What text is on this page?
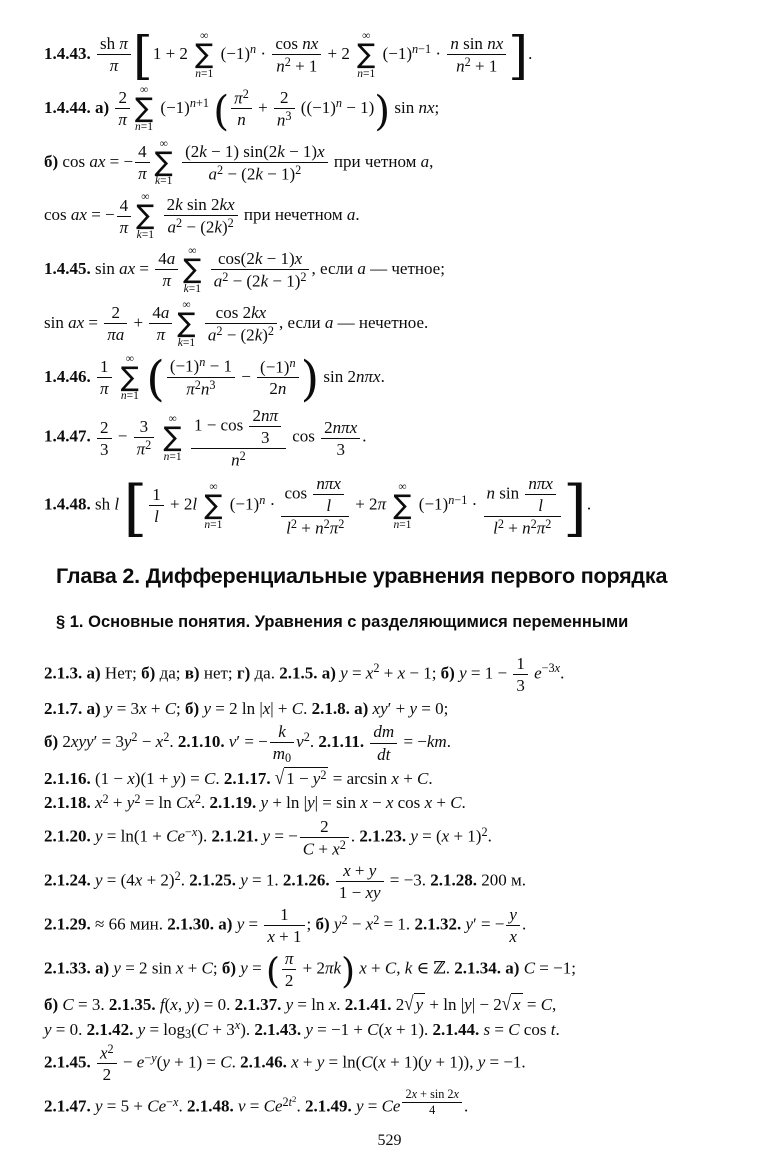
1.4.43. $\frac{\text{sh π}}{\pi} [1 + 2$
∞
∑
n=1
$(-1)n \cdot \frac{\text{cos nx}}{n2 + 1} + 2$
∞
∑
n=1
$(-1)n-1 \cdot \frac{\text{n sin nx}}{n2 + 1}$ ].
1.4.44. $а) \frac{2}{\pi}$ ∞
∑
n=1
(−1)n+1 ( $\frac{\pi 2}{n} + \frac{2}{n3} ((-1)n - 1)$) sin nx;
б) cos ax = − $\frac{4}{\pi}$ ∞
∑
k=1
$\frac{(2k - 1) \sin(2k - 1)x}{a2 - (2k - 1)2}$ при четном a,
cos ax = − $\frac{4}{\pi}$ ∞
∑
k=1
$\frac{\text{2k sin 2kx}}{a2 - (2k)2}$ при нечетном a.
1.4.45. sin ax = $\frac{4a}{\pi}$ ∞
∑
k=1
$\frac{\cos(2k - 1)x}{a2 - (2k - 1)2}$ , если a — четное;
sin ax = $\frac{2}{\pi a} + \frac{4a}{\pi}$ ∞
∑
k=1
$\frac{\cos 2kx}{a2 - (2k)2}$ , если a — нечетное.
1.4.46. $\frac{1}{\pi}$
∞
∑
n=1 ( $\frac{(-1)n - 1}{\pi 2n3} - \frac{(-1)n}{2n}$ ) sin 2nπx.
1.4.47. $\frac{2}{3} - \frac{3}{\pi 2}$
∞
∑
n=1
$\frac{1 - \cos \frac{2n\pi}{3}}{n2}$ $\cos \frac{\text{2nπx}}{3}$ .
1.4.48. sh l [ $\frac{1}{l} + 2l$
∞
∑
n=1
$(-1)n \cdot \frac{\cos \frac{\text{nπx}}{l}}{l2 + n2\pi 2} + 2\pi$
∞
∑
n=1
$(-1)n-1 \cdot \frac{n \sin \frac{\text{nπx}}{l}}{l2 + n2\pi 2}$ ].
Глава 2. Дифференциальные уравнения первого порядка
§ 1. Основные понятия. Уравнения с разделяющимися переменными
2.1.3. а) Нет; б) да; в) нет; г) да. 2.1.5. а) y = x2 + x − 1; б) $y = 1 - \frac{1}{3} e-3x$.
2.1.7. а) y = 3x + C; б) y = 2 ln |x| + C. 2.1.8. а) xy′ + y = 0;
б) 2xyy′ = 3y2 − x2. 2.1.10. v′ = − $\frac{k}{m0} v2$. 2.1.11. $\frac{dm}{dt} = -km$.
2.1.16. (1 − x)(1 + y) = C. 2.1.17. √ 1 − y2 = arcsin x + C.
2.1.18. x2 + y2 = ln Cx2. 2.1.19. y + ln |y| = sin x − x cos x + C.
2.1.20. y = ln(1 + Ce−x). 2.1.21. y = − $\frac{2}{C + x2}$ . 2.1.23. y = (x + 1)2.
2.1.24. y = (4x + 2)2. 2.1.25. y = 1. 2.1.26. $\frac{x + y}{1 - xy} = -3$. 2.1.28. 200 м.
2.1.29. ≈ 66 мин. 2.1.30. а) $y = \frac{1}{x + 1}$ ; б) y2 − x2 = 1. 2.1.32. y′ = − $\frac{y}{x}$ .
2.1.33. а) y = 2 sin x + C; б) y = ( $\frac{\pi}{2} + 2\pi k$) x + C, k ∈ ℤ. 2.1.34. а) C = −1;
б) C = 3. 2.1.35. f(x, y) = 0. 2.1.37. y = ln x. 2.1.41. 2√ y + ln |y| − 2√ x = C,
y = 0. 2.1.42. y = log3(C + 3x). 2.1.43. y = −1 + C(x + 1). 2.1.44. s = C cos t.
2.1.45. $\frac{x2}{2} - e-y(y + 1) = C$. 2.1.46. x + y = ln(C(x + 1)(y + 1)), y = −1.
2.1.47. y = 5 + Ce−x. 2.1.48. v = Ce2t2. 2.1.49. y = Ce $\frac{2x + \sin 2x}{4}$ .
529
